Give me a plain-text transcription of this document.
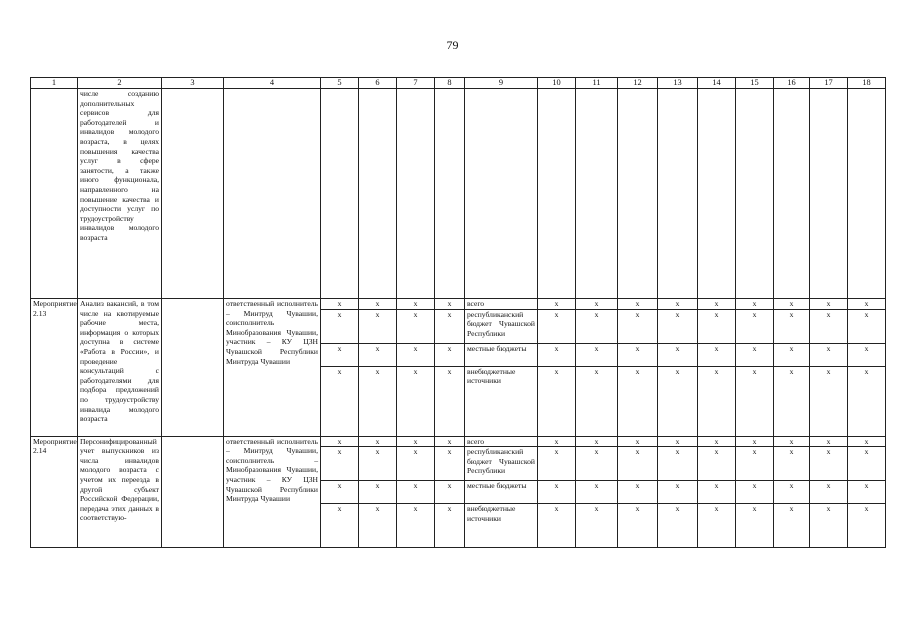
79
1	2	3	4	5	6	7	8	9	10	11	12	13	14	15	16	17	18
	числе созданию дополнительных сервисов для работодателей и инвалидов молодого возраста, в целях повышения качества услуг в сфере занятости, а также иного функционала, направленного на повышение качества и доступности услуг по трудоустройству инвалидов молодого возраста																
Мероприятие 2.13	Анализ вакансий, в том числе на квотируемые рабочие места, информация о которых доступна в системе «Работа в России», и проведение консультаций с работодателями для подбора предложений по трудоустройству инвалида молодого возраста		ответственный исполнитель – Минтруд Чувашии, соисполнитель Минобразования Чувашии, участник – КУ ЦЗН Чувашской Республики Минтруда Чувашии	x	x	x	x	всего	x	x	x	x	x	x	x	x	x
				x	x	x	x	республиканский бюджет Чувашской Республики	x	x	x	x	x	x	x	x	x
				x	x	x	x	местные бюджеты	x	x	x	x	x	x	x	x	x
				x	x	x	x	внебюджетные источники	x	x	x	x	x	x	x	x	x
Мероприятие 2.14	Персонифицированный учет выпускников из числа инвалидов молодого возраста с учетом их переезда в другой субъект Российской Федерации, передача этих данных в соответствую-		ответственный исполнитель – Минтруд Чувашии, соисполнитель – Минобразования Чувашии, участник – КУ ЦЗН Чувашской Республики Минтруда Чувашии	x	x	x	x	всего	x	x	x	x	x	x	x	x	x
				x	x	x	x	республиканский бюджет Чувашской Республики	x	x	x	x	x	x	x	x	x
				x	x	x	x	местные бюджеты	x	x	x	x	x	x	x	x	x
				x	x	x	x	внебюджетные источники	x	x	x	x	x	x	x	x	x
